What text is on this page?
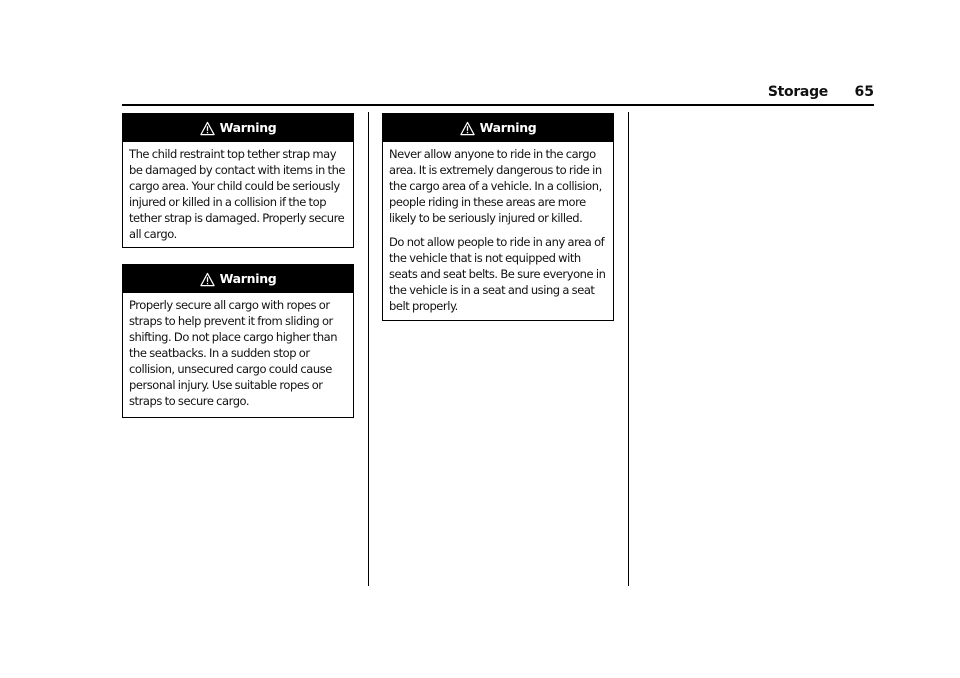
Storage 65
Warning

The child restraint top tether strap may be damaged by contact with items in the cargo area. Your child could be seriously injured or killed in a collision if the top tether strap is damaged. Properly secure all cargo.

Warning

Properly secure all cargo with ropes or straps to help prevent it from sliding or shifting. Do not place cargo higher than the seatbacks. In a sudden stop or collision, unsecured cargo could cause personal injury. Use suitable ropes or straps to secure cargo.

Warning

Never allow anyone to ride in the cargo area. It is extremely dangerous to ride in the cargo area of a vehicle. In a collision, people riding in these areas are more likely to be seriously injured or killed.

Do not allow people to ride in any area of the vehicle that is not equipped with seats and seat belts. Be sure everyone in the vehicle is in a seat and using a seat belt properly.
